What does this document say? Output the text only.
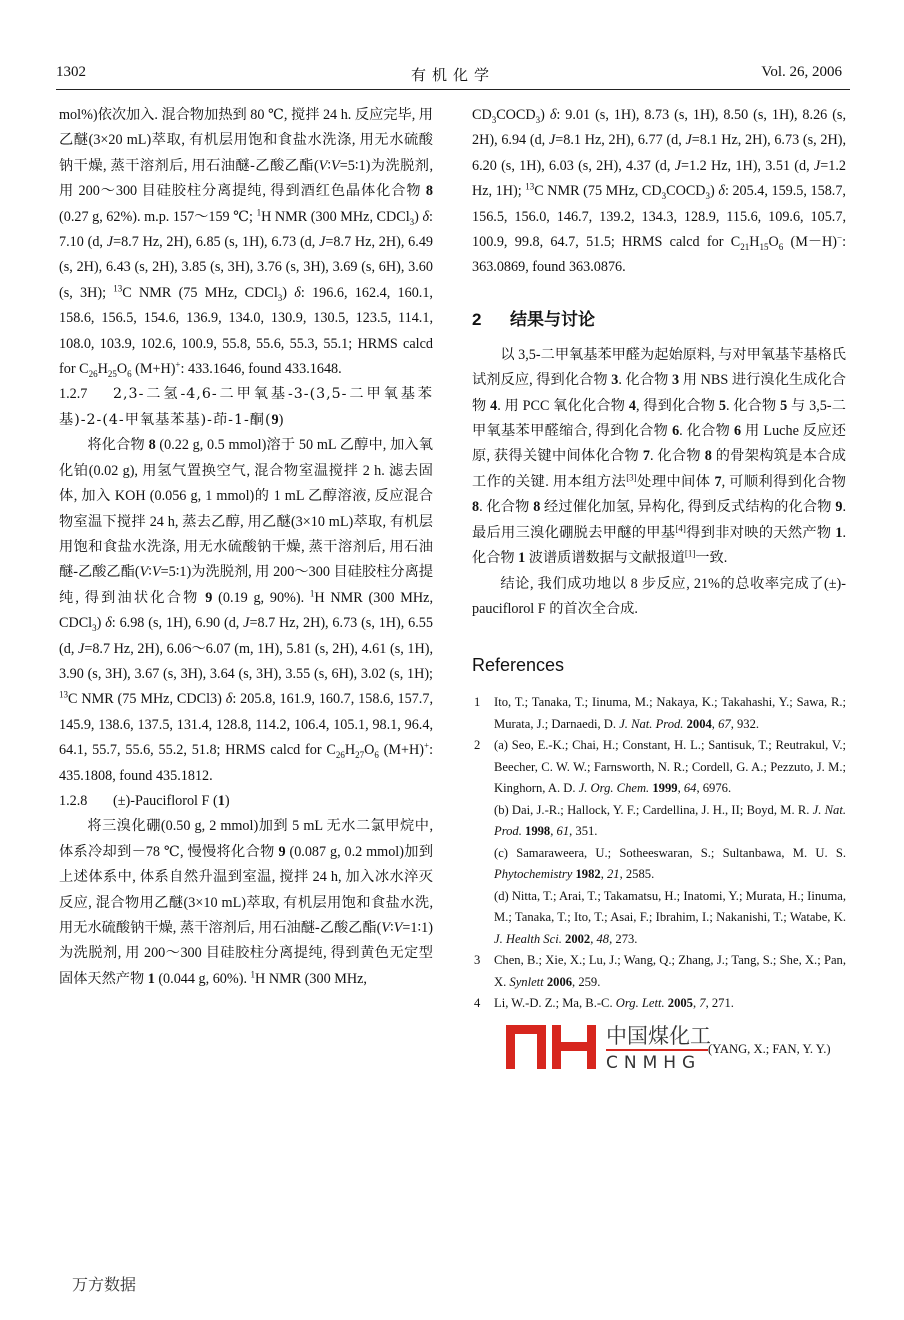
1302	有机化学	Vol. 26, 2006

mol%)依次加入. 混合物加热到 80 ℃, 搅拌 24 h. 反应完毕, 用乙醚(3×20 mL)萃取, 有机层用饱和食盐水洗涤, 用无水硫酸钠干燥, 蒸干溶剂后, 用石油醚-乙酸乙酯(V∶V=5∶1)为洗脱剂, 用 200～300 目硅胶柱分离提纯, 得到酒红色晶体化合物 8 (0.27 g, 62%). m.p. 157～159 ℃; $^1$H NMR (300 MHz, CDCl$_3$) δ: 7.10 (d, J=8.7 Hz, 2H), 6.85 (s, 1H), 6.73 (d, J=8.7 Hz, 2H), 6.49 (s, 2H), 6.43 (s, 2H), 3.85 (s, 3H), 3.76 (s, 3H), 3.69 (s, 6H), 3.60 (s, 3H); $^{13}$C NMR (75 MHz, CDCl$_3$) δ: 196.6, 162.4, 160.1, 158.6, 156.5, 154.6, 136.9, 134.0, 130.9, 130.5, 123.5, 114.1, 108.0, 103.9, 102.6, 100.9, 55.8, 55.6, 55.3, 55.1; HRMS calcd for $C_{26}H_{25}O_6$ (M+H)+: 433.1646, found 433.1648.

1.2.7 2,3-二氢-4,6-二甲氧基-3-(3,5-二甲氧基苯基)-2-(4-甲氧基苯基)-茚-1-酮(9)

将化合物 8 (0.22 g, 0.5 mmol)溶于 50 mL 乙醇中, 加入氧化铂(0.02 g), 用氢气置换空气, 混合物室温搅拌 2 h. 滤去固体, 加入 KOH (0.056 g, 1 mmol)的 1 mL 乙醇溶液, 反应混合物室温下搅拌 24 h, 蒸去乙醇, 用乙醚(3×10 mL)萃取, 有机层用饱和食盐水洗涤, 用无水硫酸钠干燥, 蒸干溶剂后, 用石油醚-乙酸乙酯(V∶V=5∶1)为洗脱剂, 用 200～300 目硅胶柱分离提纯, 得到油状化合物 9 (0.19 g, 90%). $^1$H NMR (300 MHz, CDCl$_3$) δ: 6.98 (s, 1H), 6.90 (d, J=8.7 Hz, 2H), 6.73 (s, 1H), 6.55 (d, J=8.7 Hz, 2H), 6.06～6.07 (m, 1H), 5.81 (s, 2H), 4.61 (s, 1H), 3.90 (s, 3H), 3.67 (s, 3H), 3.64 (s, 3H), 3.55 (s, 6H), 3.02 (s, 1H); $^{13}$C NMR (75 MHz, CDCl3) δ: 205.8, 161.9, 160.7, 158.6, 157.7, 145.9, 138.6, 137.5, 131.4, 128.8, 114.2, 106.4, 105.1, 98.1, 96.4, 64.1, 55.7, 55.6, 55.2, 51.8; HRMS calcd for $C_{26}H_{27}O_6$ (M+H)+: 435.1808, found 435.1812.

1.2.8 (±)-Pauciflorol F (1)

将三溴化硼(0.50 g, 2 mmol)加到 5 mL 无水二氯甲烷中, 体系冷却到－78 ℃, 慢慢将化合物 9 (0.087 g, 0.2 mmol)加到上述体系中, 体系自然升温到室温, 搅拌 24 h, 加入冰水淬灭反应, 混合物用乙醚(3×10 mL)萃取, 有机层用饱和食盐水洗, 用无水硫酸钠干燥, 蒸干溶剂后, 用石油醚-乙酸乙酯(V∶V=1∶1)为洗脱剂, 用 200～300 目硅胶柱分离提纯, 得到黄色无定型固体天然产物 1 (0.044 g, 60%). $^1$H NMR (300 MHz,

$CD_3COCD_3$) δ: 9.01 (s, 1H), 8.73 (s, 1H), 8.50 (s, 1H), 8.26 (s, 2H), 6.94 (d, J=8.1 Hz, 2H), 6.77 (d, J=8.1 Hz, 2H), 6.73 (s, 2H), 6.20 (s, 1H), 6.03 (s, 2H), 4.37 (d, J=1.2 Hz, 1H), 3.51 (d, J=1.2 Hz, 1H); $^{13}$C NMR (75 MHz, $CD_3COCD_3$) δ: 205.4, 159.5, 158.7, 156.5, 156.0, 146.7, 139.2, 134.3, 128.9, 115.6, 109.6, 105.7, 100.9, 99.8, 64.7, 51.5; HRMS calcd for $C_{21}H_{15}O_6$ (M－H)−: 363.0869, found 363.0876.

2 结果与讨论

以 3,5-二甲氧基苯甲醛为起始原料, 与对甲氧基苄基格氏试剂反应, 得到化合物 3. 化合物 3 用 NBS 进行溴化生成化合物 4. 用 PCC 氧化化合物 4, 得到化合物 5. 化合物 5 与 3,5-二甲氧基苯甲醛缩合, 得到化合物 6. 化合物 6 用 Luche 反应还原, 获得关键中间体化合物 7. 化合物 8 的骨架构筑是本合成工作的关键. 用本组方法[3]处理中间体 7, 可顺利得到化合物 8. 化合物 8 经过催化加氢, 异构化, 得到反式结构的化合物 9. 最后用三溴化硼脱去甲醚的甲基[4]得到非对映的天然产物 1. 化合物 1 波谱质谱数据与文献报道[1]一致.

结论, 我们成功地以 8 步反应, 21%的总收率完成了(±)-pauciflorol F 的首次全合成.

References
1 Ito, T.; Tanaka, T.; Iinuma, M.; Nakaya, K.; Takahashi, Y.; Sawa, R.; Murata, J.; Darnaedi, D. J. Nat. Prod. 2004, 67, 932.
2 (a) Seo, E.-K.; Chai, H.; Constant, H. L.; Santisuk, T.; Reutrakul, V.; Beecher, C. W. W.; Farnsworth, N. R.; Cordell, G. A.; Pezzuto, J. M.; Kinghorn, A. D. J. Org. Chem. 1999, 64, 6976.
(b) Dai, J.-R.; Hallock, Y. F.; Cardellina, J. H., II; Boyd, M. R. J. Nat. Prod. 1998, 61, 351.
(c) Samaraweera, U.; Sotheeswaran, S.; Sultanbawa, M. U. S. Phytochemistry 1982, 21, 2585.
(d) Nitta, T.; Arai, T.; Takamatsu, H.; Inatomi, Y.; Murata, H.; Iinuma, M.; Tanaka, T.; Ito, T.; Asai, F.; Ibrahim, I.; Nakanishi, T.; Watabe, K. J. Health Sci. 2002, 48, 273.
3 Chen, B.; Xie, X.; Lu, J.; Wang, Q.; Zhang, J.; Tang, S.; She, X.; Pan, X. Synlett 2006, 259.
4 Li, W.-D. Z.; Ma, B.-C. Org. Lett. 2005, 7, 271.
中国煤化工
CNMHG
(YANG, X.; FAN, Y. Y.)
万方数据
